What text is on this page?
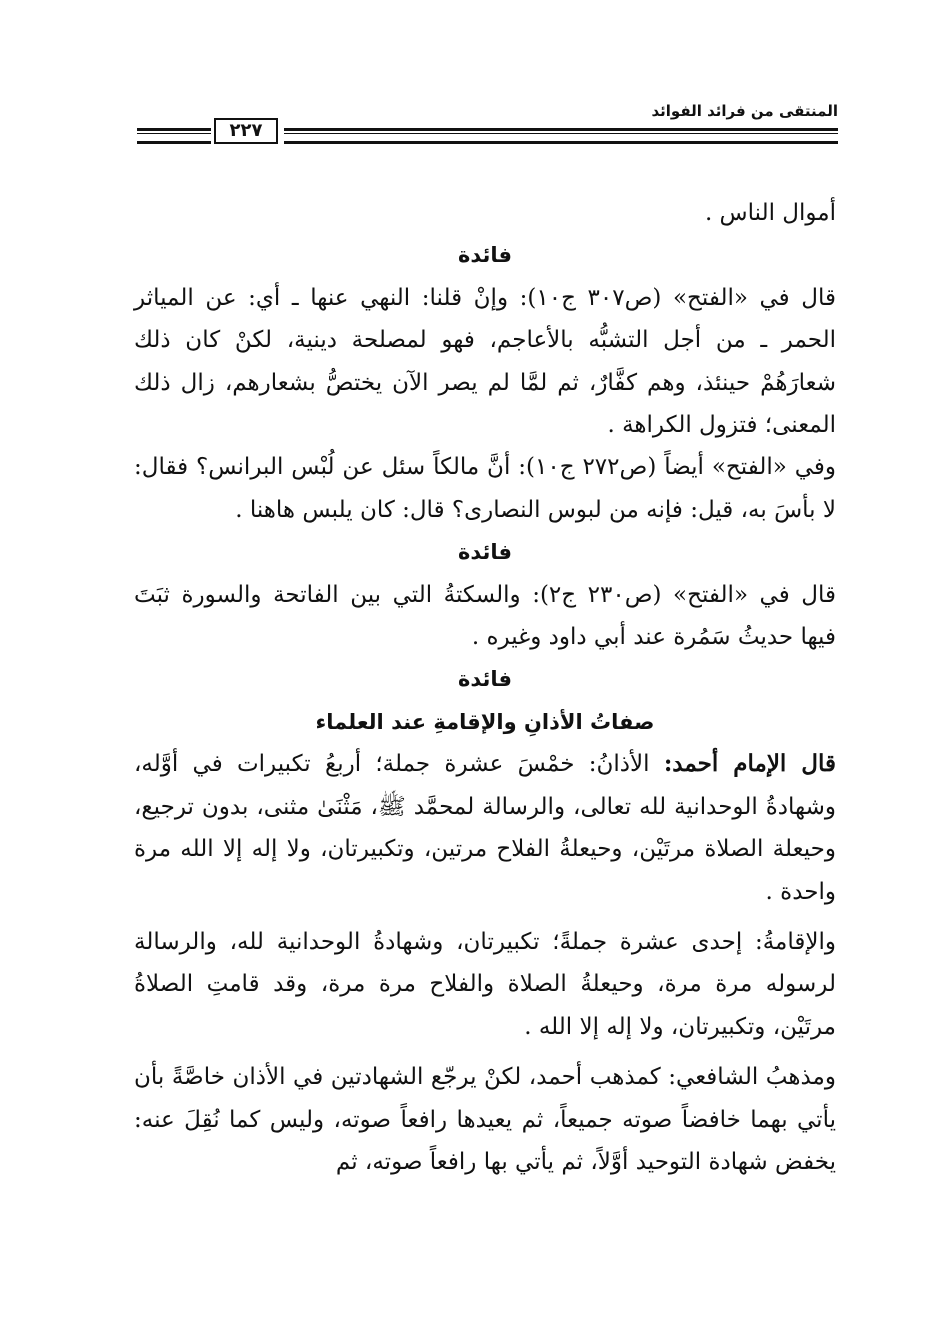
المنتقى من فرائد الفوائد
٢٢٧

أموال الناس .

فائدة

قال في «الفتح» (ص٣٠٧ ج١٠): وإنْ قلنا: النهي عنها ـ أي: عن المياثر الحمر ـ من أجل التشبُّه بالأعاجم، فهو لمصلحة دينية، لكنْ كان ذلك شعارَهُمْ حينئذ، وهم كفَّارٌ، ثم لمَّا لم يصر الآن يختصُّ بشعارهم، زال ذلك المعنى؛ فتزول الكراهة .

وفي «الفتح» أيضاً (ص٢٧٢ ج١٠): أنَّ مالكاً سئل عن لُبْس البرانس؟ فقال: لا بأسَ به، قيل: فإنه من لبوس النصارى؟ قال: كان يلبس هاهنا .

فائدة

قال في «الفتح» (ص٢٣٠ ج٢): والسكتةُ التي بين الفاتحة والسورة ثبَتَ فيها حديثُ سَمُرة عند أبي داود وغيره .

فائدة

صفاتُ الأذانِ والإقامةِ عند العلماء

قال الإمام أحمد: الأذانُ: خمْسَ عشرة جملة؛ أربعُ تكبيرات في أوَّله، وشهادةُ الوحدانية لله تعالى، والرسالة لمحمَّد ﷺ، مَثْنَىٰ مثنى، بدون ترجيع، وحيعلة الصلاة مرتَيْن، وحيعلةُ الفلاح مرتين، وتكبيرتان، ولا إله إلا الله مرة واحدة .

والإقامةُ: إحدى عشرة جملةً؛ تكبيرتان، وشهادةُ الوحدانية لله، والرسالة لرسوله مرة مرة، وحيعلةُ الصلاة والفلاح مرة مرة، وقد قامتِ الصلاةُ مرتَيْن، وتكبيرتان، ولا إله إلا الله .

ومذهبُ الشافعي: كمذهب أحمد، لكنْ يرجّع الشهادتين في الأذان خاصَّةً بأن يأتي بهما خافضاً صوته جميعاً، ثم يعيدها رافعاً صوته، وليس كما نُقِلَ عنه: يخفض شهادة التوحيد أوَّلاً، ثم يأتي بها رافعاً صوته، ثم
